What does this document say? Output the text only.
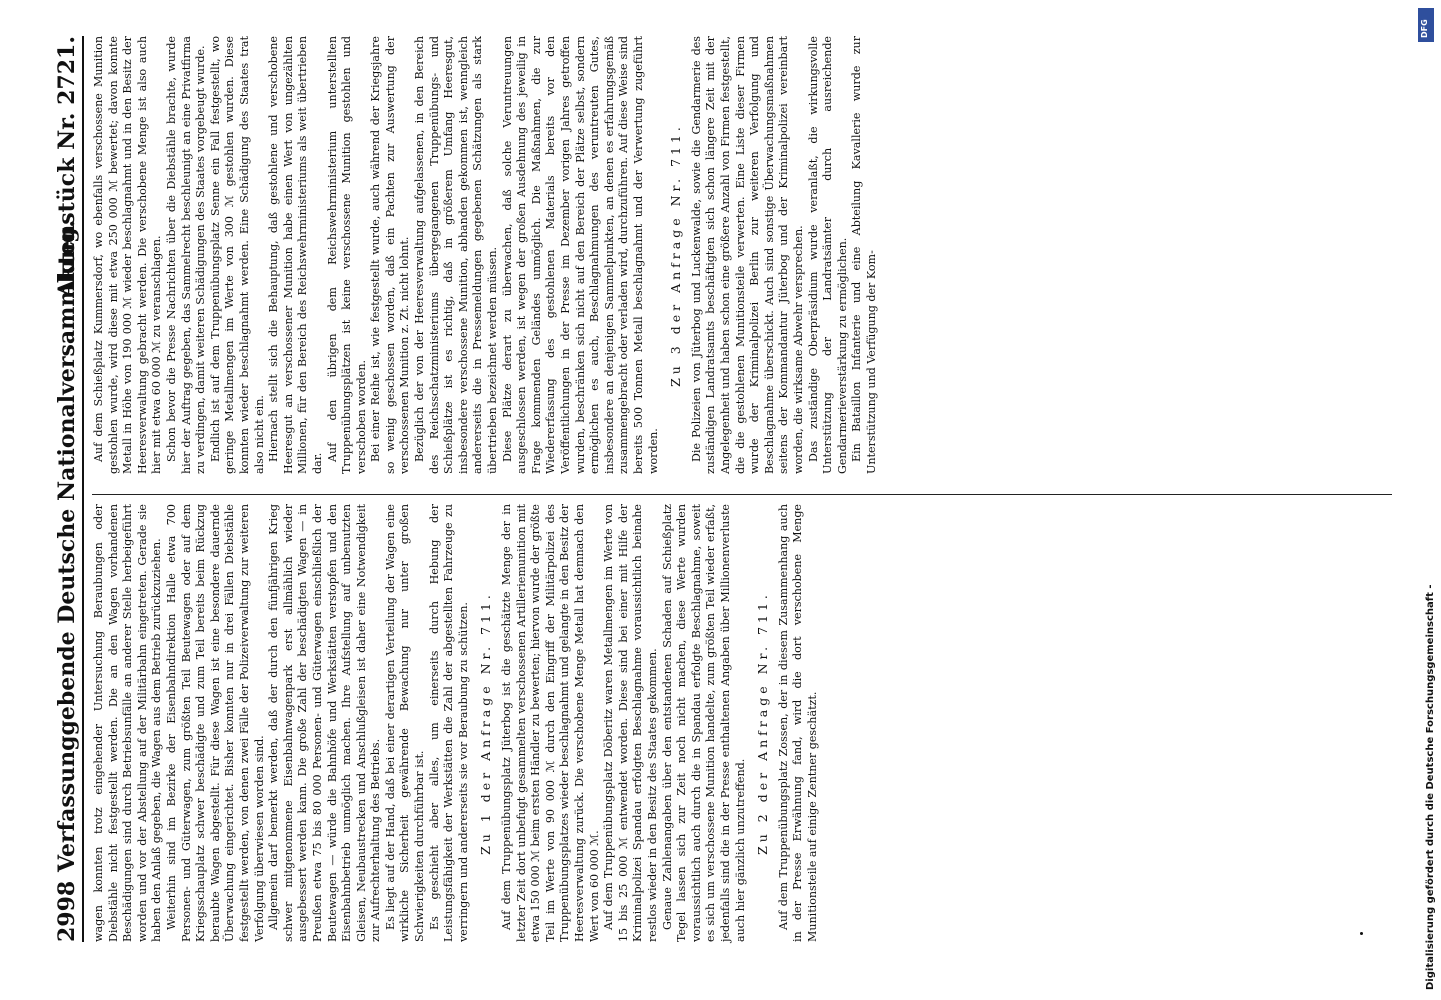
2998
Verfassunggebende Deutsche Nationalversammlung.
Aktenstück Nr. 2721.

wagen konnten trotz eingehender Untersuchung Beraubungen oder Diebstähle nicht festgestellt werden. Die an den Wagen vorhandenen Beschädigungen sind durch Betriebsunfälle an anderer Stelle herbeigeführt worden und vor der Abstellung auf der Militärbahn eingetreten. Gerade sie haben den Anlaß gegeben, die Wagen aus dem Betrieb zurückzuziehen. Weiterhin sind im Bezirke der Eisenbahndirektion Halle etwa 700 Personen- und Güterwagen, zum größten Teil Beutewagen oder auf dem Kriegsschauplatz schwer beschädigte und zum Teil bereits beim Rückzug beraubte Wagen abgestellt. Für diese Wagen ist eine besondere dauernde Überwachung eingerichtet. Bisher konnten nur in drei Fällen Diebstähle festgestellt werden, von denen zwei Fälle der Polizeiverwaltung zur weiteren Verfolgung überwiesen worden sind. Allgemein darf bemerkt werden, daß der durch den fünfjährigen Krieg schwer mitgenommene Eisenbahnwagenpark erst allmählich wieder ausgebessert werden kann. Die große Zahl der beschädigten Wagen — in Preußen etwa 75 bis 80 000 Personen- und Güterwagen einschließlich der Beutewagen — würde die Bahnhöfe und Werkstätten verstopfen und den Eisenbahnbetrieb unmöglich machen. Ihre Aufstellung auf unbenutzten Gleisen, Neubaustrecken und Anschlußgleisen ist daher eine Notwendigkeit zur Aufrechterhaltung des Betriebs. Es liegt auf der Hand, daß bei einer derartigen Verteilung der Wagen eine wirkliche Sicherheit gewährende Bewachung nur unter großen Schwierigkeiten durchführbar ist. Es geschieht aber alles, um einerseits durch Hebung der Leistungsfähigkeit der Werkstätten die Zahl der abgestellten Fahrzeuge zu verringern und andererseits sie vor Beraubung zu schützen. Zu 1 der Anfrage Nr. 711. Auf dem Truppenübungsplatz Jüterbog ist die geschätzte Menge der in letzter Zeit dort unbefugt gesammelten verschossenen Artilleriemunition mit etwa 150 000 ℳ beim ersten Händler zu bewerten; hiervon wurde der größte Teil im Werte von 90 000 ℳ durch den Eingriff der Militärpolizei des Truppenübungsplatzes wieder beschlagnahmt und gelangte in den Besitz der Heeresverwaltung zurück. Die verschobene Menge Metall hat demnach den Wert von 60 000 ℳ. Auf dem Truppenübungsplatz Döberitz waren Metallmengen im Werte von 15 bis 25 000 ℳ entwendet worden. Diese sind bei einer mit Hilfe der Kriminalpolizei Spandau erfolgten Beschlagnahme voraussichtlich beinahe restlos wieder in den Besitz des Staates gekommen. Genaue Zahlenangaben über den entstandenen Schaden auf Schießplatz Tegel lassen sich zur Zeit noch nicht machen, diese Werte wurden voraussichtlich auch durch die in Spandau erfolgte Beschlagnahme, soweit es sich um verschossene Munition handelte, zum größten Teil wieder erfaßt, jedenfalls sind die in der Presse enthaltenen Angaben über Millionenverluste auch hier gänzlich unzutreffend. Zu 2 der Anfrage Nr. 711. Auf dem Truppenübungsplatz Zossen, der in diesem Zusammenhang auch in der Presse Erwähnung fand, wird die dort verschobene Menge Munitionsteile auf einige Zentner geschätzt.

Auf dem Schießplatz Kummersdorf, wo ebenfalls verschossene Munition gestohlen wurde, wird diese mit etwa 250 000 ℳ bewertet; davon konnte Metall in Höhe von 190 000 ℳ wieder beschlagnahmt und in den Besitz der Heeresverwaltung gebracht werden. Die verschobene Menge ist also auch hier mit etwa 60 000 ℳ zu veranschlagen. Schon bevor die Presse Nachrichten über die Diebstähle brachte, wurde hier der Auftrag gegeben, das Sammelrecht beschleunigt an eine Privatfirma zu verdingen, damit weiteren Schädigungen des Staates vorgebeugt wurde. Endlich ist auf dem Truppenübungsplatz Senne ein Fall festgestellt, wo geringe Metallmengen im Werte von 300 ℳ gestohlen wurden. Diese konnten wieder beschlagnahmt werden. Eine Schädigung des Staates trat also nicht ein. Hiernach stellt sich die Behauptung, daß gestohlene und verschobene Heeresgut an verschossener Munition habe einen Wert von ungezählten Millionen, für den Bereich des Reichswehrministeriums als weit übertrieben dar.

Auf den übrigen dem Reichswehrministerium unterstellten Truppenübungsplätzen ist keine verschossene Munition gestohlen und verschoben worden. Bei einer Reihe ist, wie festgestellt wurde, auch während der Kriegsjahre so wenig geschossen worden, daß ein Pachten zur Auswertung der verschossenen Munition z. Zt. nicht lohnt. Bezüglich der von der Heeresverwaltung aufgelassenen, in den Bereich des Reichsschatzministeriums übergegangenen Truppenübungs- und Schießplätze ist es richtig, daß in größerem Umfang Heeresgut, insbesondere verschossene Munition, abhanden gekommen ist, wenngleich andererseits die in Pressemeldungen gegebenen Schätzungen als stark übertrieben bezeichnet werden müssen. Diese Plätze derart zu überwachen, daß solche Veruntreuungen ausgeschlossen werden, ist wegen der großen Ausdehnung des jeweilig in Frage kommenden Geländes unmöglich. Die Maßnahmen, die zur Wiedererfassung des gestohlenen Materials bereits vor den Veröffentlichungen in der Presse im Dezember vorigen Jahres getroffen wurden, beschränken sich nicht auf den Bereich der Plätze selbst, sondern ermöglichen es auch, Beschlagnahmungen des veruntreuten Gutes, insbesondere an denjenigen Sammelpunkten, an denen es erfahrungsgemäß zusammengebracht oder verladen wird, durchzuführen. Auf diese Weise sind bereits 500 Tonnen Metall beschlagnahmt und der Verwertung zugeführt worden.

Zu 3 der Anfrage Nr. 711. Die Polizeien von Jüterbog und Luckenwalde, sowie die Gendarmerie des zuständigen Landratsamts beschäftigten sich schon längere Zeit mit der Angelegenheit und haben schon eine größere Anzahl von Firmen festgestellt, die die gestohlenen Munitionsteile verwerten. Eine Liste dieser Firmen wurde der Kriminalpolizei Berlin zur weiteren Verfolgung und Beschlagnahme überschickt. Auch sind sonstige Überwachungsmaßnahmen seitens der Kommandantur Jüterbog und der Kriminalpolizei vereinbart worden, die wirksame Abwehr versprechen. Das zuständige Oberpräsidium wurde veranlaßt, die wirkungsvolle Unterstützung der Landratsämter durch ausreichende Gendarmerieverstärkung zu ermöglichen. Ein Bataillon Infanterie und eine Abteilung Kavallerie wurde zur Unterstützung und Verfügung der Kom-

Digitalisierung gefördert durch die Deutsche Forschungsgemeinschaft -
DFG
